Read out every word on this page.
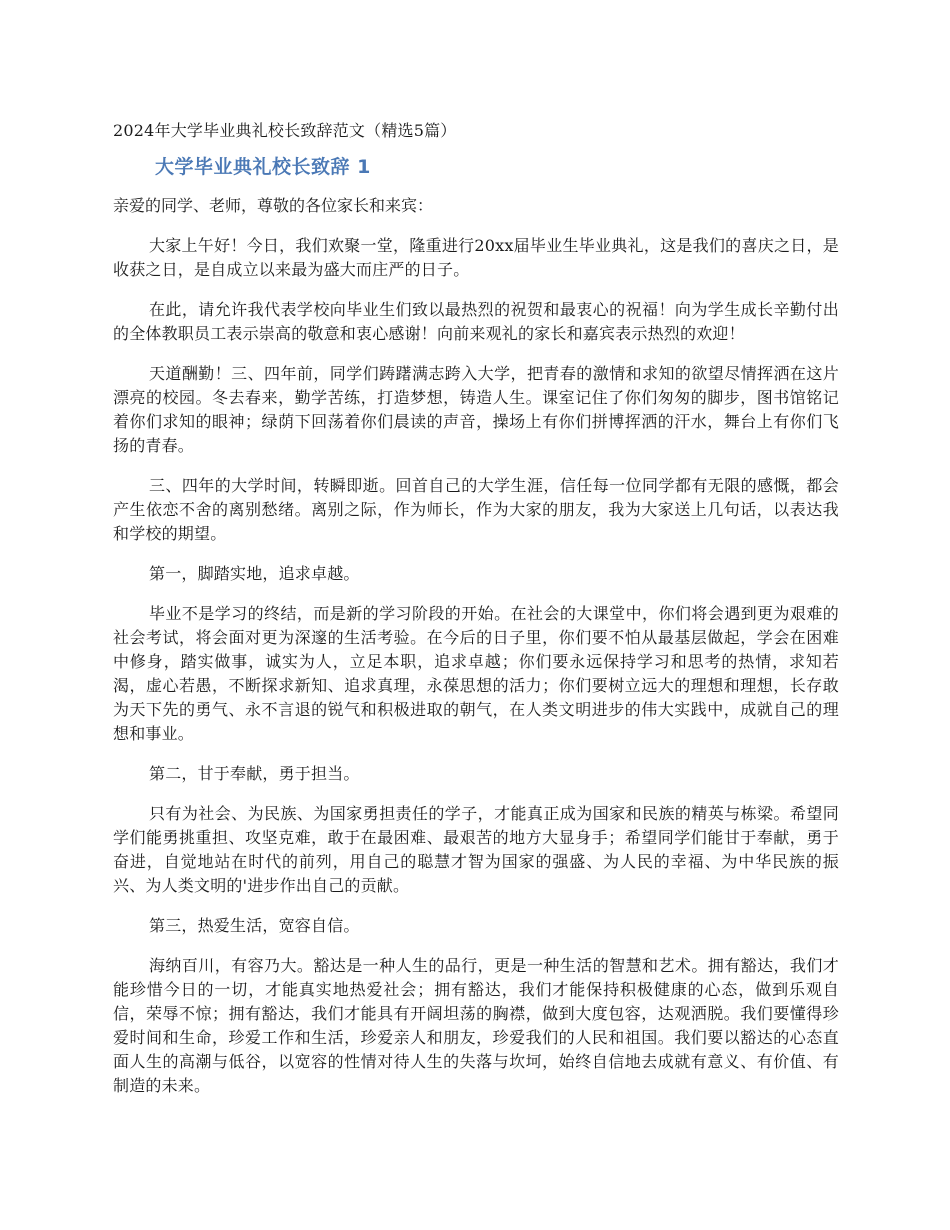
2024年大学毕业典礼校长致辞范文（精选5篇）
大学毕业典礼校长致辞 1
亲爱的同学、老师，尊敬的各位家长和来宾：

大家上午好！今日，我们欢聚一堂，隆重进行20xx届毕业生毕业典礼，这是我们的喜庆之日，是收获之日，是自成立以来最为盛大而庄严的日子。

在此，请允许我代表学校向毕业生们致以最热烈的祝贺和最衷心的祝福！向为学生成长辛勤付出的全体教职员工表示崇高的敬意和衷心感谢！向前来观礼的家长和嘉宾表示热烈的欢迎！

天道酬勤！三、四年前，同学们踌躇满志跨入大学，把青春的激情和求知的欲望尽情挥洒在这片漂亮的校园。冬去春来，勤学苦练，打造梦想，铸造人生。课室记住了你们匆匆的脚步，图书馆铭记着你们求知的眼神；绿荫下回荡着你们晨读的声音，操场上有你们拼博挥洒的汗水，舞台上有你们飞扬的青春。

三、四年的大学时间，转瞬即逝。回首自己的大学生涯，信任每一位同学都有无限的感慨，都会产生依恋不舍的离别愁绪。离别之际，作为师长，作为大家的朋友，我为大家送上几句话，以表达我和学校的期望。

第一，脚踏实地，追求卓越。

毕业不是学习的终结，而是新的学习阶段的开始。在社会的大课堂中，你们将会遇到更为艰难的社会考试，将会面对更为深邃的生活考验。在今后的日子里，你们要不怕从最基层做起，学会在困难中修身，踏实做事，诚实为人，立足本职，追求卓越；你们要永远保持学习和思考的热情，求知若渴，虚心若愚，不断探求新知、追求真理，永葆思想的活力；你们要树立远大的理想和理想，长存敢为天下先的勇气、永不言退的锐气和积极进取的朝气，在人类文明进步的伟大实践中，成就自己的理想和事业。

第二，甘于奉献，勇于担当。

只有为社会、为民族、为国家勇担责任的学子，才能真正成为国家和民族的精英与栋梁。希望同学们能勇挑重担、攻坚克难，敢于在最困难、最艰苦的地方大显身手；希望同学们能甘于奉献，勇于奋进，自觉地站在时代的前列，用自己的聪慧才智为国家的强盛、为人民的幸福、为中华民族的振兴、为人类文明的'进步作出自己的贡献。

第三，热爱生活，宽容自信。

海纳百川，有容乃大。豁达是一种人生的品行，更是一种生活的智慧和艺术。拥有豁达，我们才能珍惜今日的一切，才能真实地热爱社会；拥有豁达，我们才能保持积极健康的心态，做到乐观自信，荣辱不惊；拥有豁达，我们才能具有开阔坦荡的胸襟，做到大度包容，达观洒脱。我们要懂得珍爱时间和生命，珍爱工作和生活，珍爱亲人和朋友，珍爱我们的人民和祖国。我们要以豁达的心态直面人生的高潮与低谷，以宽容的性情对待人生的失落与坎坷，始终自信地去成就有意义、有价值、有制造的未来。
